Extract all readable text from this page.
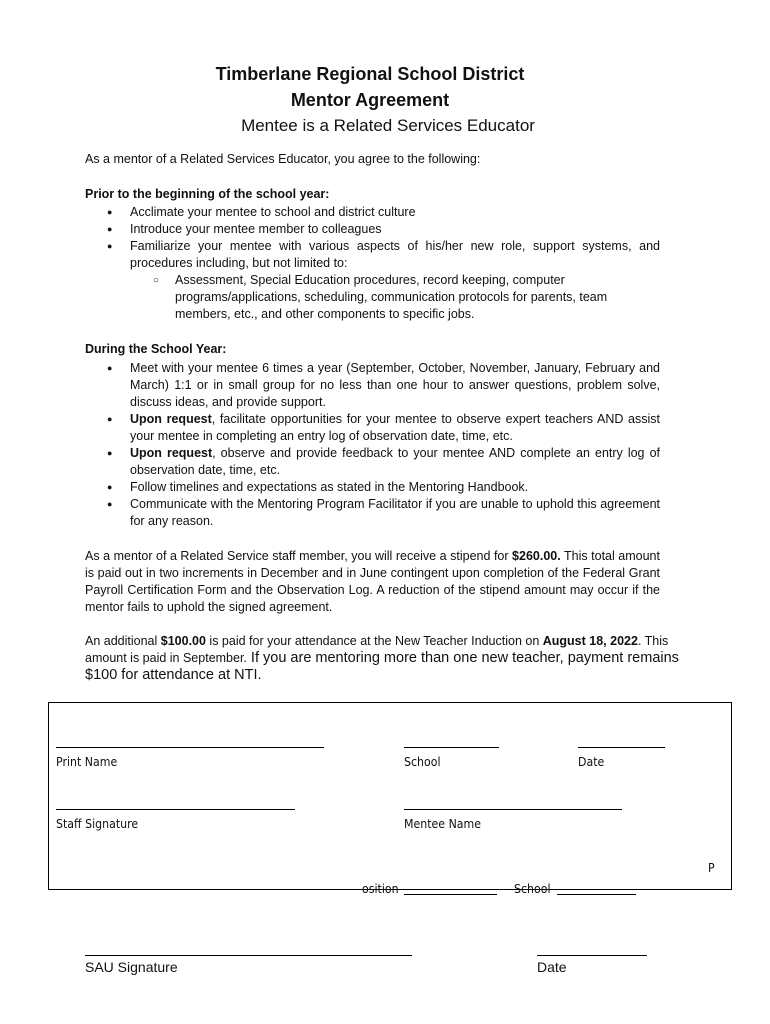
Timberlane Regional School District
Mentor Agreement
Mentee is a Related Services Educator
As a mentor of a Related Services Educator, you agree to the following:
Prior to the beginning of the school year:
● Acclimate your mentee to school and district culture
● Introduce your mentee member to colleagues
● Familiarize your mentee with various aspects of his/her new role, support systems, and procedures including, but not limited to:
○ Assessment, Special Education procedures, record keeping, computer programs/applications, scheduling, communication protocols for parents, team members, etc., and other components to specific jobs.
During the School Year:
● Meet with your mentee 6 times a year (September, October, November, January, February and March) 1:1 or in small group for no less than one hour to answer questions, problem solve, discuss ideas, and provide support.
● Upon request, facilitate opportunities for your mentee to observe expert teachers AND assist your mentee in completing an entry log of observation date, time, etc.
● Upon request, observe and provide feedback to your mentee AND complete an entry log of observation date, time, etc.
● Follow timelines and expectations as stated in the Mentoring Handbook.
● Communicate with the Mentoring Program Facilitator if you are unable to uphold this agreement for any reason.
As a mentor of a Related Service staff member, you will receive a stipend for $260.00. This total amount is paid out in two increments in December and in June contingent upon completion of the Federal Grant Payroll Certification Form and the Observation Log. A reduction of the stipend amount may occur if the mentor fails to uphold the signed agreement.
An additional $100.00 is paid for your attendance at the New Teacher Induction on August 18, 2022. This amount is paid in September. If you are mentoring more than one new teacher, payment remains $100 for attendance at NTI.
Print Name	School	Date
Staff Signature	Mentee Name
P
osition	School
SAU Signature	Date
